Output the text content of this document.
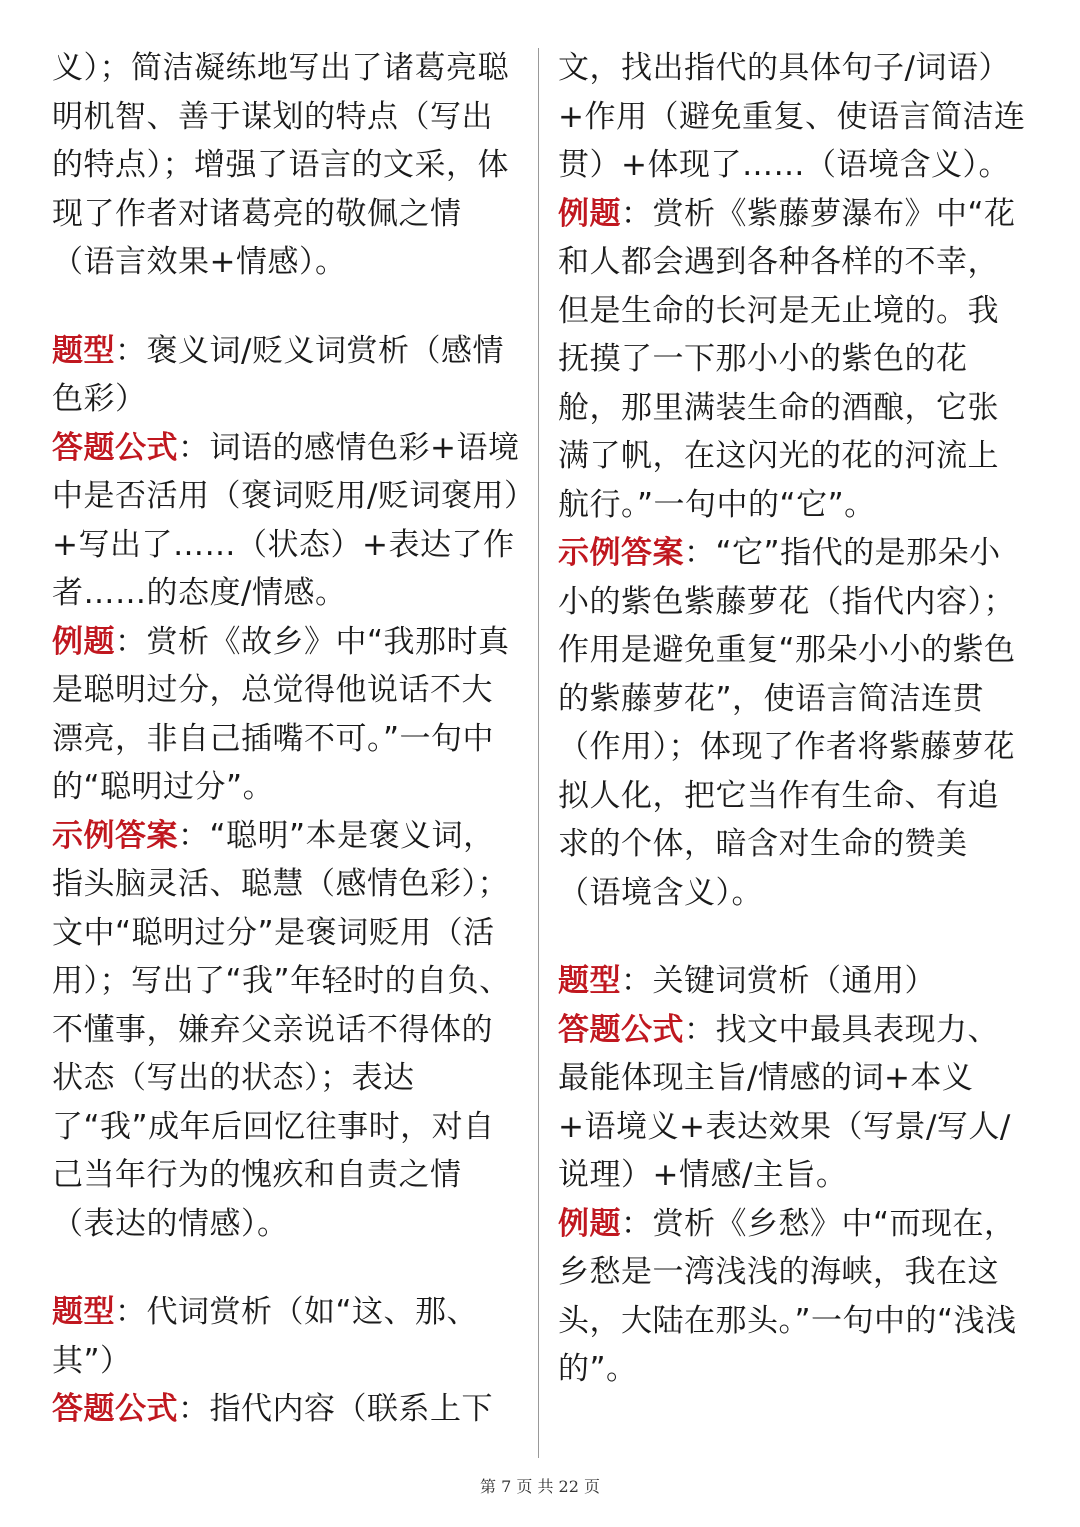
义）；简洁凝练地写出了诸葛亮聪明机智、善于谋划的特点（写出的特点）；增强了语言的文采，体现了作者对诸葛亮的敬佩之情（语言效果+情感）。

题型：褒义词/贬义词赏析（感情色彩）

答题公式：词语的感情色彩+语境中是否活用（褒词贬用/贬词褒用）+写出了……（状态）+表达了作者……的态度/情感。

例题：赏析《故乡》中“我那时真是聪明过分，总觉得他说话不大漂亮，非自己插嘴不可。”一句中的“聪明过分”。

示例答案：“聪明”本是褒义词，指头脑灵活、聪慧（感情色彩）；文中“聪明过分”是褒词贬用（活用）；写出了“我”年轻时的自负、不懂事，嫌弃父亲说话不得体的状态（写出的状态）；表达了“我”成年后回忆往事时，对自己当年行为的愧疚和自责之情（表达的情感）。

题型：代词赏析（如“这、那、其”）

答题公式：指代内容（联系上下

文，找出指代的具体句子/词语）+作用（避免重复、使语言简洁连贯）+体现了……（语境含义）。

例题：赏析《紫藤萝瀑布》中“花和人都会遇到各种各样的不幸，但是生命的长河是无止境的。我抚摸了一下那小小的紫色的花舱，那里满装生命的酒酿，它张满了帆，在这闪光的花的河流上航行。”一句中的“它”。

示例答案：“它”指代的是那朵小小的紫色紫藤萝花（指代内容）；作用是避免重复“那朵小小的紫色的紫藤萝花”，使语言简洁连贯（作用）；体现了作者将紫藤萝花拟人化，把它当作有生命、有追求的个体，暗含对生命的赞美（语境含义）。

题型：关键词赏析（通用）

答题公式：找文中最具表现力、最能体现主旨/情感的词+本义+语境义+表达效果（写景/写人/说理）+情感/主旨。

例题：赏析《乡愁》中“而现在，乡愁是一湾浅浅的海峡，我在这头，大陆在那头。”一句中的“浅浅的”。

第 7 页 共 22 页
